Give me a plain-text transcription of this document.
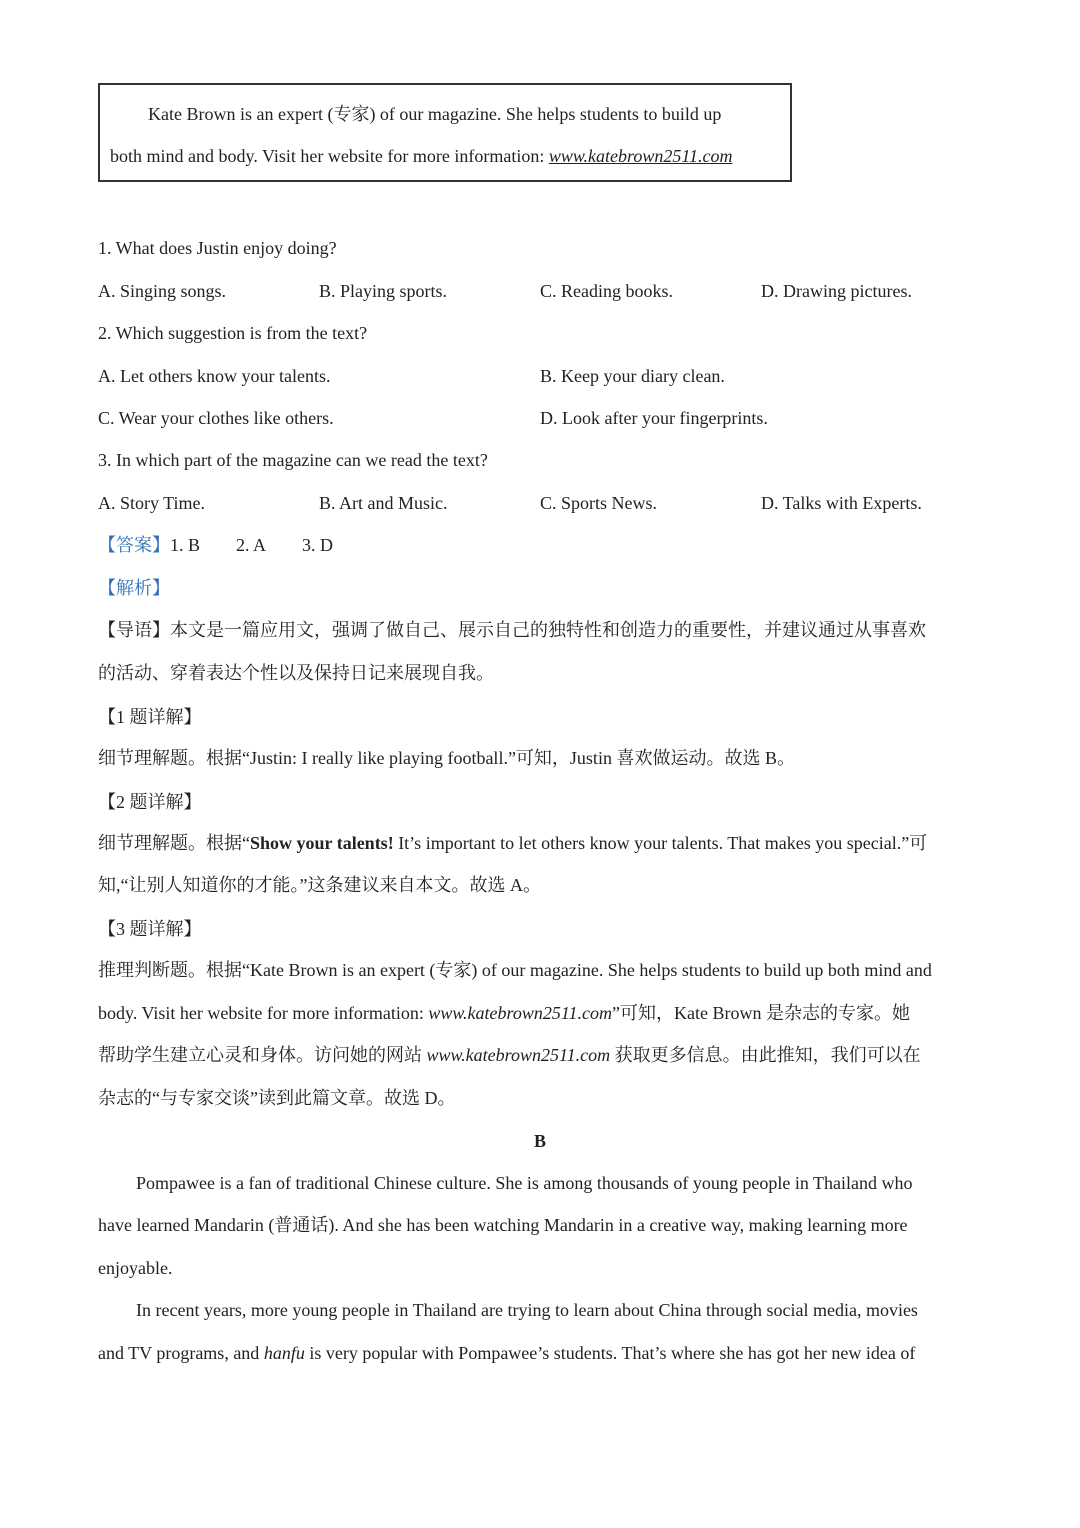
Kate Brown is an expert (专家) of our magazine. She helps students to build up
both mind and body. Visit her website for more information: www.katebrown2511.com
1. What does Justin enjoy doing?
A. Singing songs.	B. Playing sports.	C. Reading books.	D. Drawing pictures.
2. Which suggestion is from the text?
A. Let others know your talents.	B. Keep your diary clean.
C. Wear your clothes like others.	D. Look after your fingerprints.
3. In which part of the magazine can we read the text?
A. Story Time.	B. Art and Music.	C. Sports News.	D. Talks with Experts.
【答案】1. B 2. A 3. D
【解析】
【导语】本文是一篇应用文，强调了做自己、展示自己的独特性和创造力的重要性，并建议通过从事喜欢
的活动、穿着表达个性以及保持日记来展现自我。
【1 题详解】
细节理解题。根据“Justin: I really like playing football.”可知，Justin 喜欢做运动。故选 B。
【2 题详解】
细节理解题。根据“Show your talents! It’s important to let others know your talents. That makes you special.”可
知,“让别人知道你的才能。”这条建议来自本文。故选 A。
【3 题详解】
推理判断题。根据“Kate Brown is an expert (专家) of our magazine. She helps students to build up both mind and
body. Visit her website for more information: www.katebrown2511.com”可知，Kate Brown 是杂志的专家。她
帮助学生建立心灵和身体。访问她的网站 www.katebrown2511.com 获取更多信息。由此推知，我们可以在
杂志的“与专家交谈”读到此篇文章。故选 D。
B
Pompawee is a fan of traditional Chinese culture. She is among thousands of young people in Thailand who
have learned Mandarin (普通话). And she has been watching Mandarin in a creative way, making learning more
enjoyable.
In recent years, more young people in Thailand are trying to learn about China through social media, movies
and TV programs, and hanfu is very popular with Pompawee’s students. That’s where she has got her new idea of
